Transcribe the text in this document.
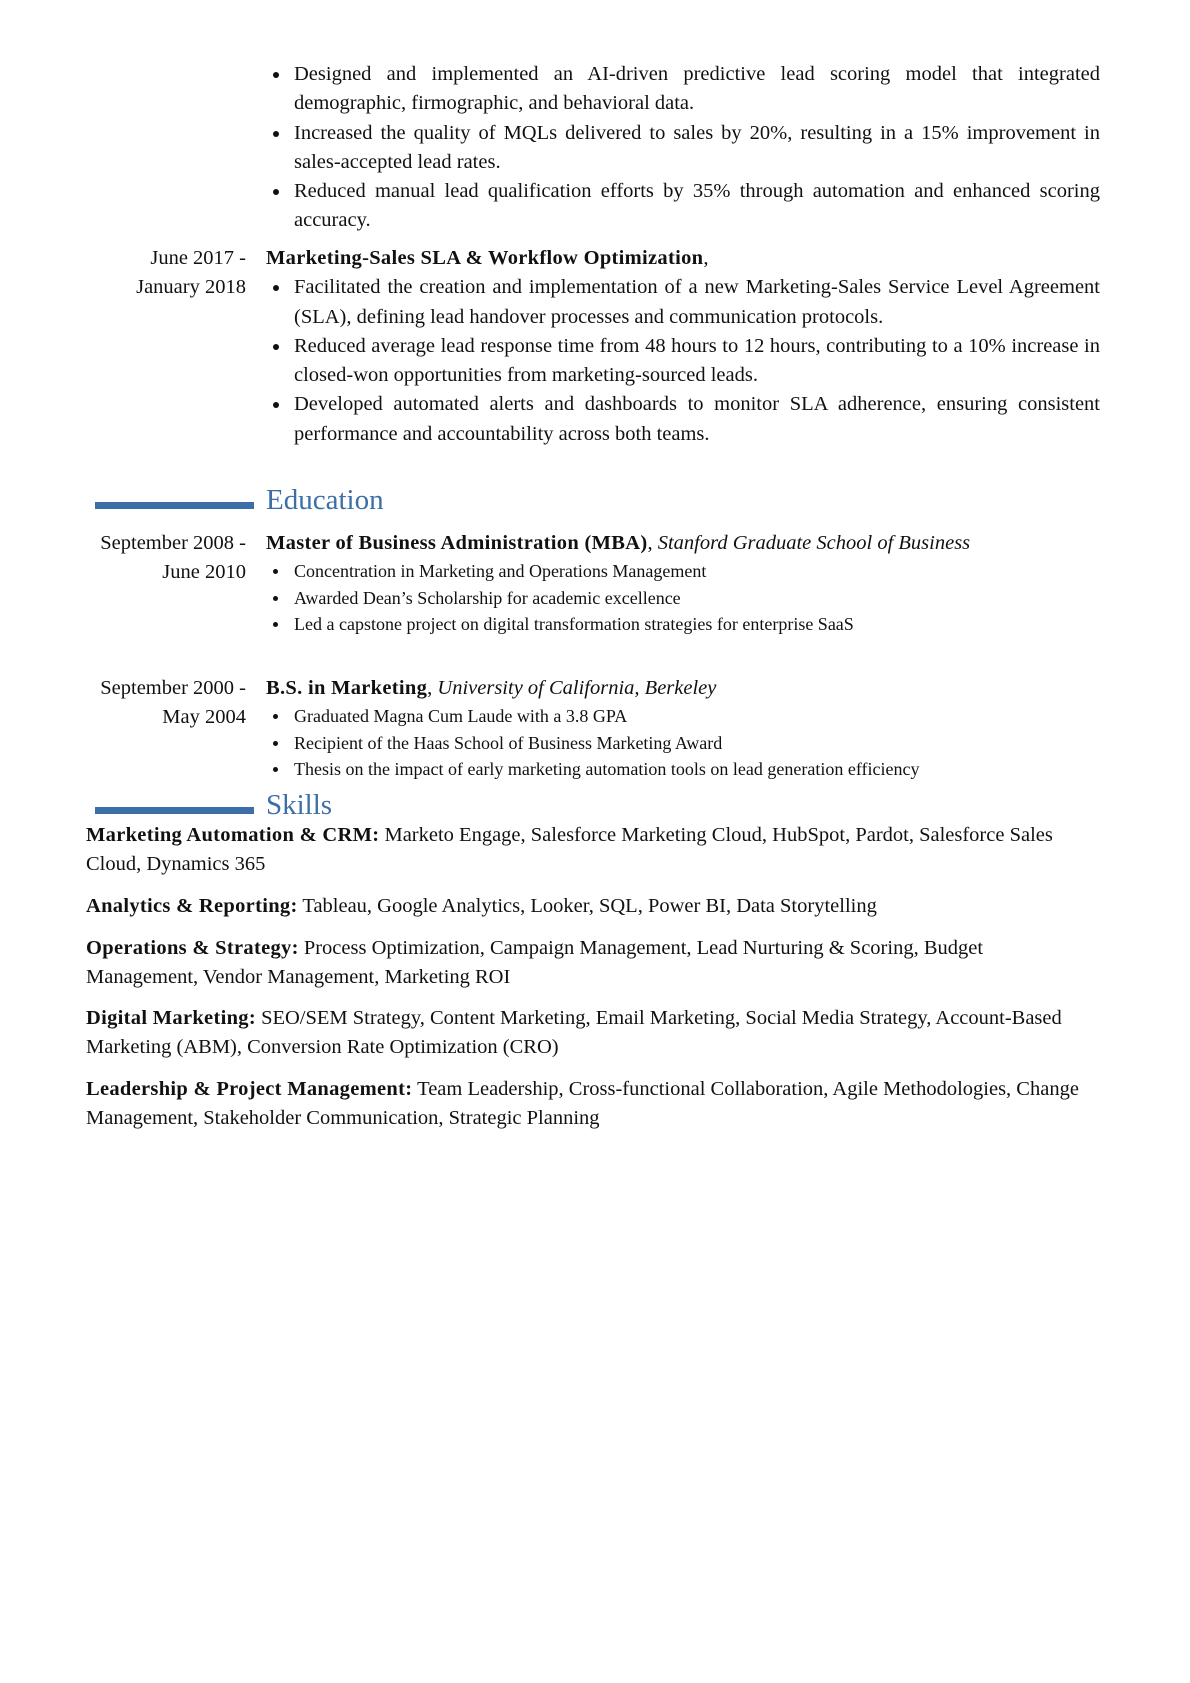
Designed and implemented an AI-driven predictive lead scoring model that integrated demographic, firmographic, and behavioral data.
Increased the quality of MQLs delivered to sales by 20%, resulting in a 15% improvement in sales-accepted lead rates.
Reduced manual lead qualification efforts by 35% through automation and enhanced scoring accuracy.
June 2017 - January 2018
Marketing-Sales SLA & Workflow Optimization,
Facilitated the creation and implementation of a new Marketing-Sales Service Level Agreement (SLA), defining lead handover processes and communication protocols.
Reduced average lead response time from 48 hours to 12 hours, contributing to a 10% increase in closed-won opportunities from marketing-sourced leads.
Developed automated alerts and dashboards to monitor SLA adherence, ensuring consistent performance and accountability across both teams.
Education
September 2008 - June 2010
Master of Business Administration (MBA), Stanford Graduate School of Business
Concentration in Marketing and Operations Management
Awarded Dean’s Scholarship for academic excellence
Led a capstone project on digital transformation strategies for enterprise SaaS
September 2000 - May 2004
B.S. in Marketing, University of California, Berkeley
Graduated Magna Cum Laude with a 3.8 GPA
Recipient of the Haas School of Business Marketing Award
Thesis on the impact of early marketing automation tools on lead generation efficiency
Skills
Marketing Automation & CRM: Marketo Engage, Salesforce Marketing Cloud, HubSpot, Pardot, Salesforce Sales Cloud, Dynamics 365
Analytics & Reporting: Tableau, Google Analytics, Looker, SQL, Power BI, Data Storytelling
Operations & Strategy: Process Optimization, Campaign Management, Lead Nurturing & Scoring, Budget Management, Vendor Management, Marketing ROI
Digital Marketing: SEO/SEM Strategy, Content Marketing, Email Marketing, Social Media Strategy, Account-Based Marketing (ABM), Conversion Rate Optimization (CRO)
Leadership & Project Management: Team Leadership, Cross-functional Collaboration, Agile Methodologies, Change Management, Stakeholder Communication, Strategic Planning
